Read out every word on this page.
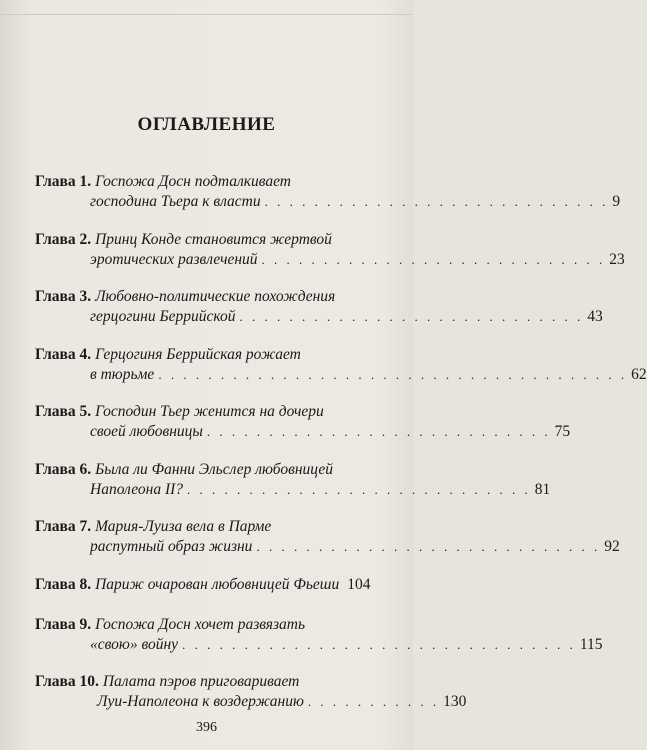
ОГЛАВЛЕНИЕ
Глава 1. Госпожа Досн подталкивает
господина Тьера к власти . . . . . . . . . . . . . . . . . . . . . . . . . . . . 9
Глава 2. Принц Конде становится жертвой
эротических развлечений . . . . . . . . . . . . . . . . . . . . . . . . . . . . 23
Глава 3. Любовно-политические похождения
герцогини Беррийской . . . . . . . . . . . . . . . . . . . . . . . . . . . . 43
Глава 4. Герцогиня Беррийская рожает
в тюрьме . . . . . . . . . . . . . . . . . . . . . . . . . . . . . . . . . . . . . . 62
Глава 5. Господин Тьер женится на дочери
своей любовницы . . . . . . . . . . . . . . . . . . . . . . . . . . . . 75
Глава 6. Была ли Фанни Эльслер любовницей
Наполеона II? . . . . . . . . . . . . . . . . . . . . . . . . . . . . 81
Глава 7. Мария-Луиза вела в Парме
распутный образ жизни . . . . . . . . . . . . . . . . . . . . . . . . . . . . 92
Глава 8. Париж очарован любовницей Фьеши 104
Глава 9. Госпожа Досн хочет развязать
«свою» войну . . . . . . . . . . . . . . . . . . . . . . . . . . . . . . . . 115
Глава 10. Палата пэров приговаривает
Луи-Наполеона к воздержанию . . . . . . . . . . . 130
396
